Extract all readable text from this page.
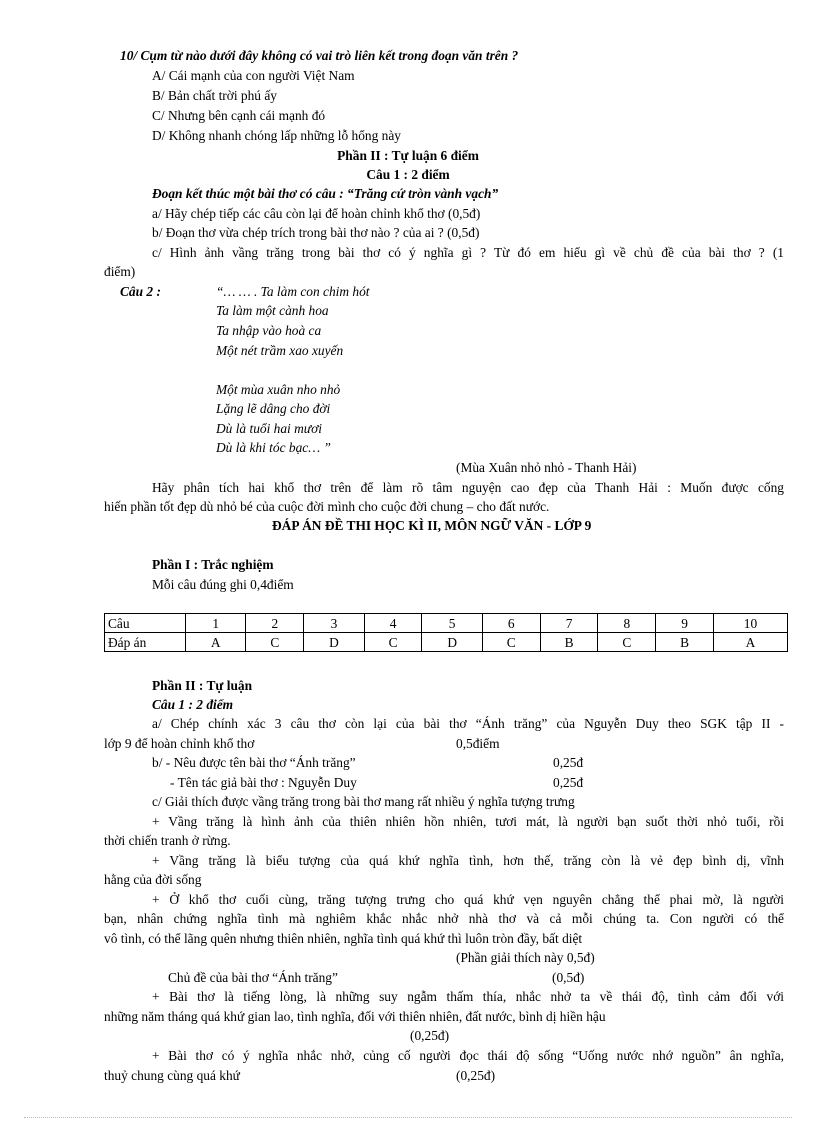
10/ Cụm từ nào dưới đây không có vai trò liên kết trong đoạn văn trên ?
A/ Cái mạnh của con người Việt Nam
B/ Bản chất trời phú ấy
C/ Nhưng bên cạnh cái mạnh đó
D/ Không nhanh chóng lấp những lỗ hổng này
Phần II : Tự luận 6 điểm
Câu 1 : 2 điểm
Đoạn kết thúc một bài thơ có câu : “Trăng cứ tròn vành vạch”
a/ Hãy chép tiếp các câu còn lại để hoàn chỉnh khổ thơ (0,5đ)
b/ Đoạn thơ vừa chép trích trong bài thơ nào ? của ai ? (0,5đ)
c/ Hình ảnh vầng trăng trong bài thơ có ý nghĩa gì ? Từ đó em hiểu gì về chủ đề của bài thơ ? (1
điểm)
Câu 2 :	“… … . Ta làm con chim hót
Ta làm một cành hoa
Ta nhập vào hoà ca
Một nét trầm xao xuyến
Một mùa xuân nho nhỏ
Lặng lẽ dâng cho đời
Dù là tuổi hai mươi
Dù là khi tóc bạc… ”
(Mùa Xuân nhỏ nhỏ - Thanh Hải)
Hãy phân tích hai khổ thơ trên để làm rõ tâm nguyện cao đẹp của Thanh Hải : Muốn được cống
hiến phần tốt đẹp dù nhỏ bé của cuộc đời mình cho cuộc đời chung – cho đất nước.
ĐÁP ÁN ĐỀ THI HỌC KÌ II, MÔN NGỮ VĂN - LỚP 9
Phần I : Trắc nghiệm
Mỗi câu đúng ghi 0,4điểm
Câu	1	2	3	4	5	6	7	8	9	10
Đáp án	A	C	D	C	D	C	B	C	B	A
Phần II : Tự luận
Câu 1 : 2 điểm
a/ Chép chính xác 3 câu thơ còn lại của bài thơ “Ánh trăng” của Nguyễn Duy theo SGK tập II -
lớp 9 để hoàn chỉnh khổ thơ	0,5điểm
b/ - Nêu được tên bài thơ “Ánh trăng”	0,25đ
- Tên tác giả bài thơ : Nguyễn Duy	0,25đ
c/ Giải thích được vầng trăng trong bài thơ mang rất nhiều ý nghĩa tượng trưng
+ Vầng trăng là hình ảnh của thiên nhiên hồn nhiên, tươi mát, là người bạn suốt thời nhỏ tuổi, rồi
thời chiến tranh ở rừng.
+ Vầng trăng là biểu tượng của quá khứ nghĩa tình, hơn thế, trăng còn là vẻ đẹp bình dị, vĩnh
hằng của đời sống
+ Ở khổ thơ cuối cùng, trăng tượng trưng cho quá khứ vẹn nguyên chẳng thể phai mờ, là người
bạn, nhân chứng nghĩa tình mà nghiêm khắc nhắc nhở nhà thơ và cả mỗi chúng ta. Con người có thể
vô tình, có thể lãng quên nhưng thiên nhiên, nghĩa tình quá khứ thì luôn tròn đầy, bất diệt
(Phần giải thích này 0,5đ)
Chủ đề của bài thơ “Ánh trăng”	(0,5đ)
+ Bài thơ là tiếng lòng, là những suy ngẫm thấm thía, nhắc nhở ta về thái độ, tình cảm đối với
những năm tháng quá khứ gian lao, tình nghĩa, đối với thiên nhiên, đất nước, bình dị hiền hậu
(0,25đ)
+ Bài thơ có ý nghĩa nhắc nhở, củng cố người đọc thái độ sống “Uống nước nhớ nguồn” ân nghĩa,
thuỷ chung cùng quá khứ	(0,25đ)
